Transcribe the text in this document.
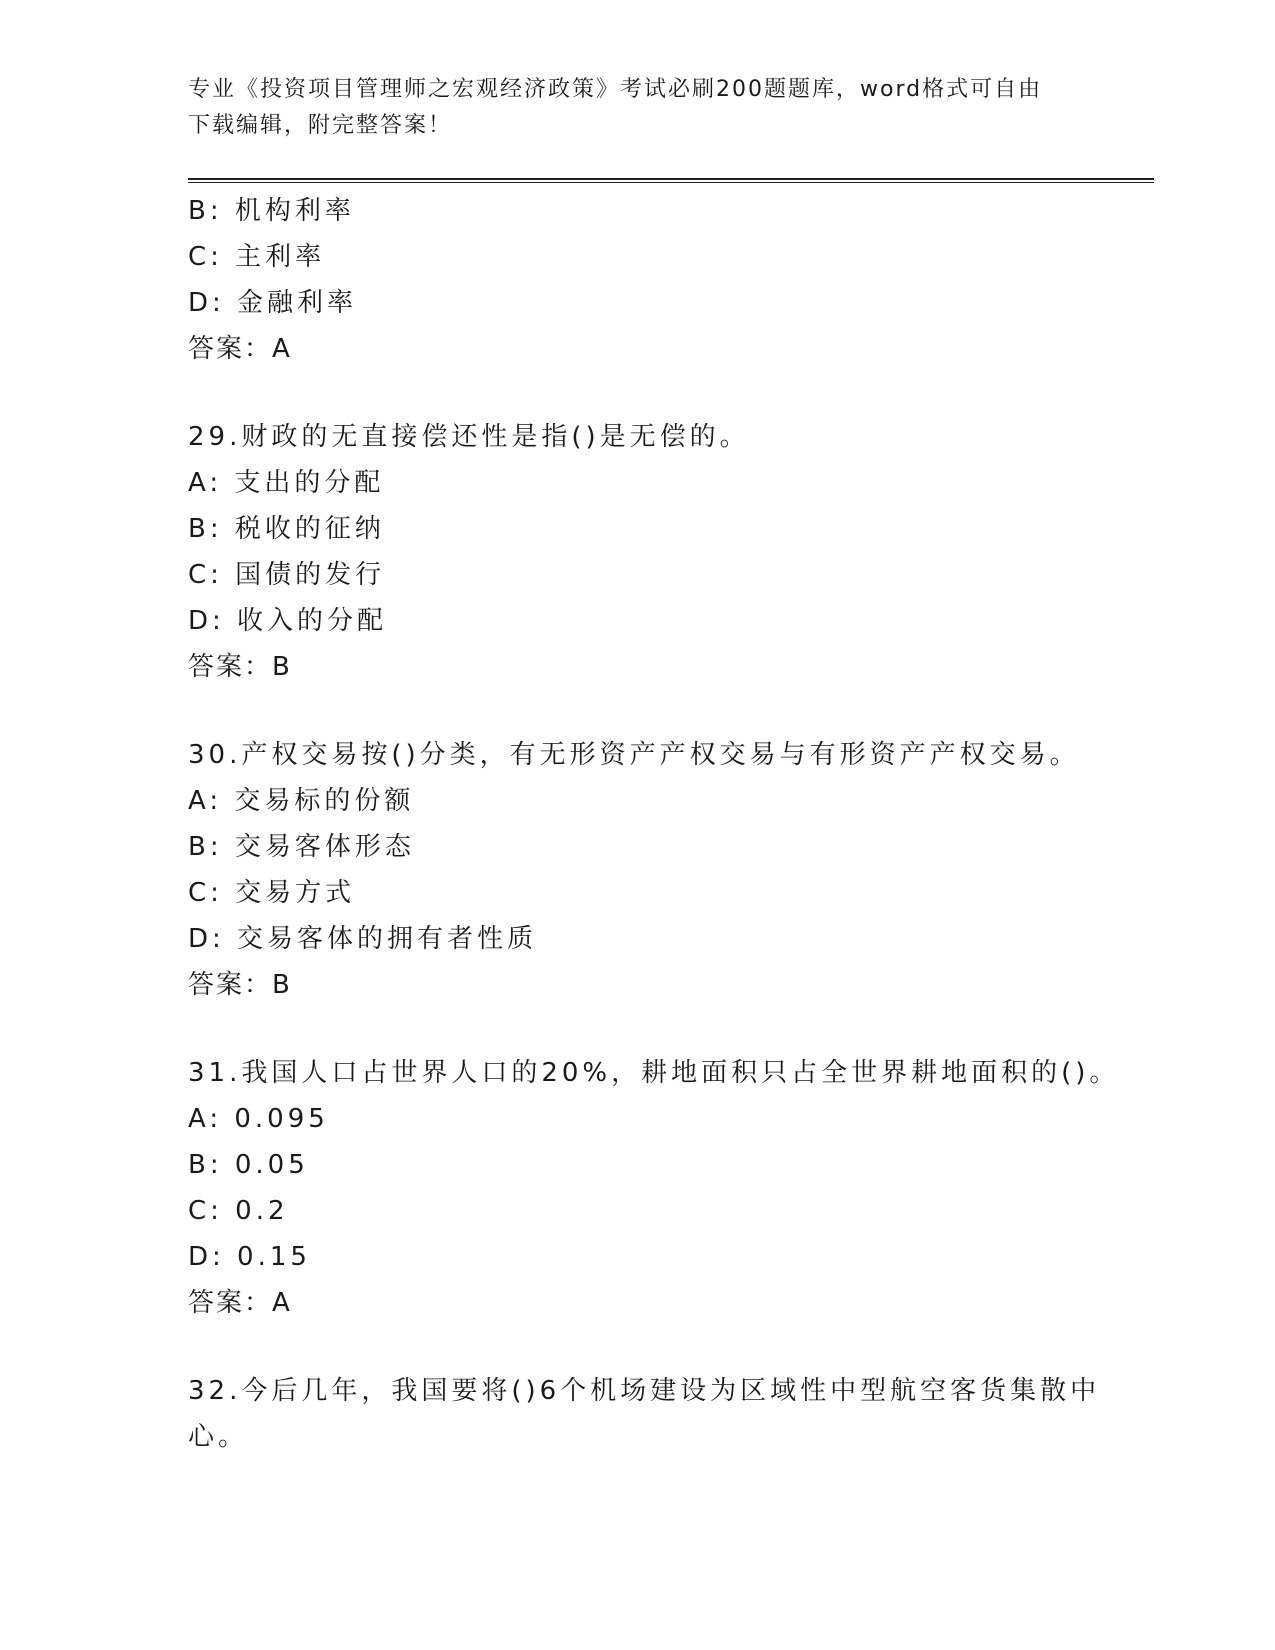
专业《投资项目管理师之宏观经济政策》考试必刷200题题库，word格式可自由
下载编辑，附完整答案！
B: 机构利率
C: 主利率
D: 金融利率
答案：A
29.财政的无直接偿还性是指()是无偿的。
A: 支出的分配
B: 税收的征纳
C: 国债的发行
D: 收入的分配
答案：B
30.产权交易按()分类，有无形资产产权交易与有形资产产权交易。
A: 交易标的份额
B: 交易客体形态
C: 交易方式
D: 交易客体的拥有者性质
答案：B
31.我国人口占世界人口的20%，耕地面积只占全世界耕地面积的()。
A: 0.095
B: 0.05
C: 0.2
D: 0.15
答案：A
32.今后几年，我国要将()6个机场建设为区域性中型航空客货集散中
心。
